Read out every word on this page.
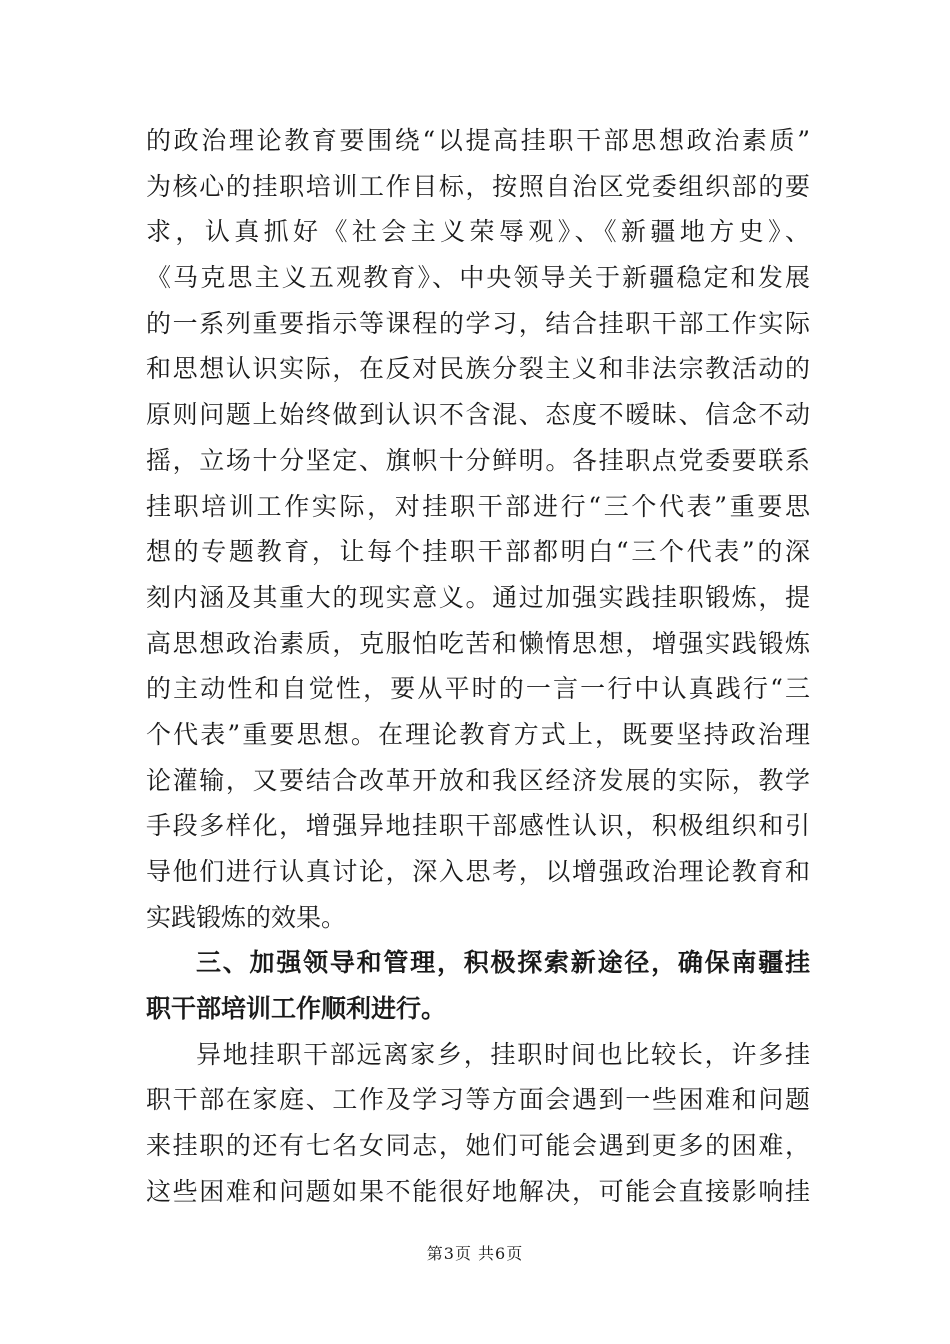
的政治理论教育要围绕“以提高挂职干部思想政治素质”
为核心的挂职培训工作目标，按照自治区党委组织部的要
求，认真抓好《社会主义荣辱观》、《新疆地方史》、
《马克思主义五观教育》、中央领导关于新疆稳定和发展
的一系列重要指示等课程的学习，结合挂职干部工作实际
和思想认识实际，在反对民族分裂主义和非法宗教活动的
原则问题上始终做到认识不含混、态度不暧昧、信念不动
摇，立场十分坚定、旗帜十分鲜明。各挂职点党委要联系
挂职培训工作实际，对挂职干部进行“三个代表”重要思
想的专题教育，让每个挂职干部都明白“三个代表”的深
刻内涵及其重大的现实意义。通过加强实践挂职锻炼，提
高思想政治素质，克服怕吃苦和懒惰思想，增强实践锻炼
的主动性和自觉性，要从平时的一言一行中认真践行“三
个代表”重要思想。在理论教育方式上，既要坚持政治理
论灌输，又要结合改革开放和我区经济发展的实际，教学
手段多样化，增强异地挂职干部感性认识，积极组织和引
导他们进行认真讨论，深入思考，以增强政治理论教育和
实践锻炼的效果。
三、加强领导和管理，积极探索新途径，确保南疆挂
职干部培训工作顺利进行。
异地挂职干部远离家乡，挂职时间也比较长，许多挂
职干部在家庭、工作及学习等方面会遇到一些困难和问题
来挂职的还有七名女同志，她们可能会遇到更多的困难，
这些困难和问题如果不能很好地解决，可能会直接影响挂
第3页 共6页
